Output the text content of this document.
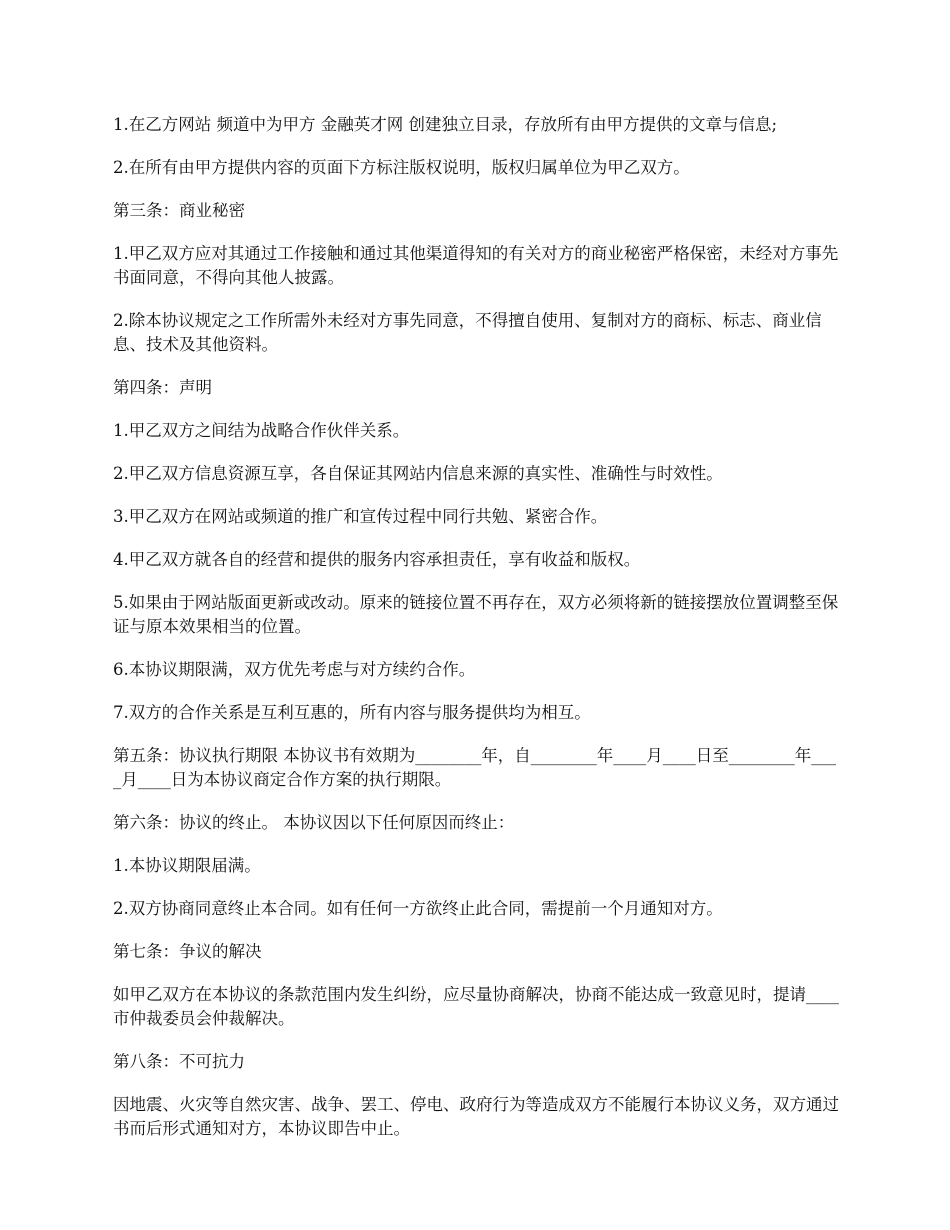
1.在乙方网站 频道中为甲方 金融英才网 创建独立目录，存放所有由甲方提供的文章与信息;

2.在所有由甲方提供内容的页面下方标注版权说明，版权归属单位为甲乙双方。

第三条：商业秘密

1.甲乙双方应对其通过工作接触和通过其他渠道得知的有关对方的商业秘密严格保密，未经对方事先书面同意，不得向其他人披露。

2.除本协议规定之工作所需外未经对方事先同意，不得擅自使用、复制对方的商标、标志、商业信息、技术及其他资料。

第四条：声明

1.甲乙双方之间结为战略合作伙伴关系。

2.甲乙双方信息资源互享，各自保证其网站内信息来源的真实性、准确性与时效性。

3.甲乙双方在网站或频道的推广和宣传过程中同行共勉、紧密合作。

4.甲乙双方就各自的经营和提供的服务内容承担责任，享有收益和版权。

5.如果由于网站版面更新或改动。原来的链接位置不再存在，双方必须将新的链接摆放位置调整至保证与原本效果相当的位置。

6.本协议期限满，双方优先考虑与对方续约合作。

7.双方的合作关系是互利互惠的，所有内容与服务提供均为相互。

第五条：协议执行期限 本协议书有效期为________年，自________年____月____日至________年____月____日为本协议商定合作方案的执行期限。

第六条：协议的终止。 本协议因以下任何原因而终止：

1.本协议期限届满。

2.双方协商同意终止本合同。如有任何一方欲终止此合同，需提前一个月通知对方。

第七条：争议的解决

如甲乙双方在本协议的条款范围内发生纠纷，应尽量协商解决，协商不能达成一致意见时，提请____市仲裁委员会仲裁解决。

第八条：不可抗力

因地震、火灾等自然灾害、战争、罢工、停电、政府行为等造成双方不能履行本协议义务，双方通过书而后形式通知对方，本协议即告中止。
